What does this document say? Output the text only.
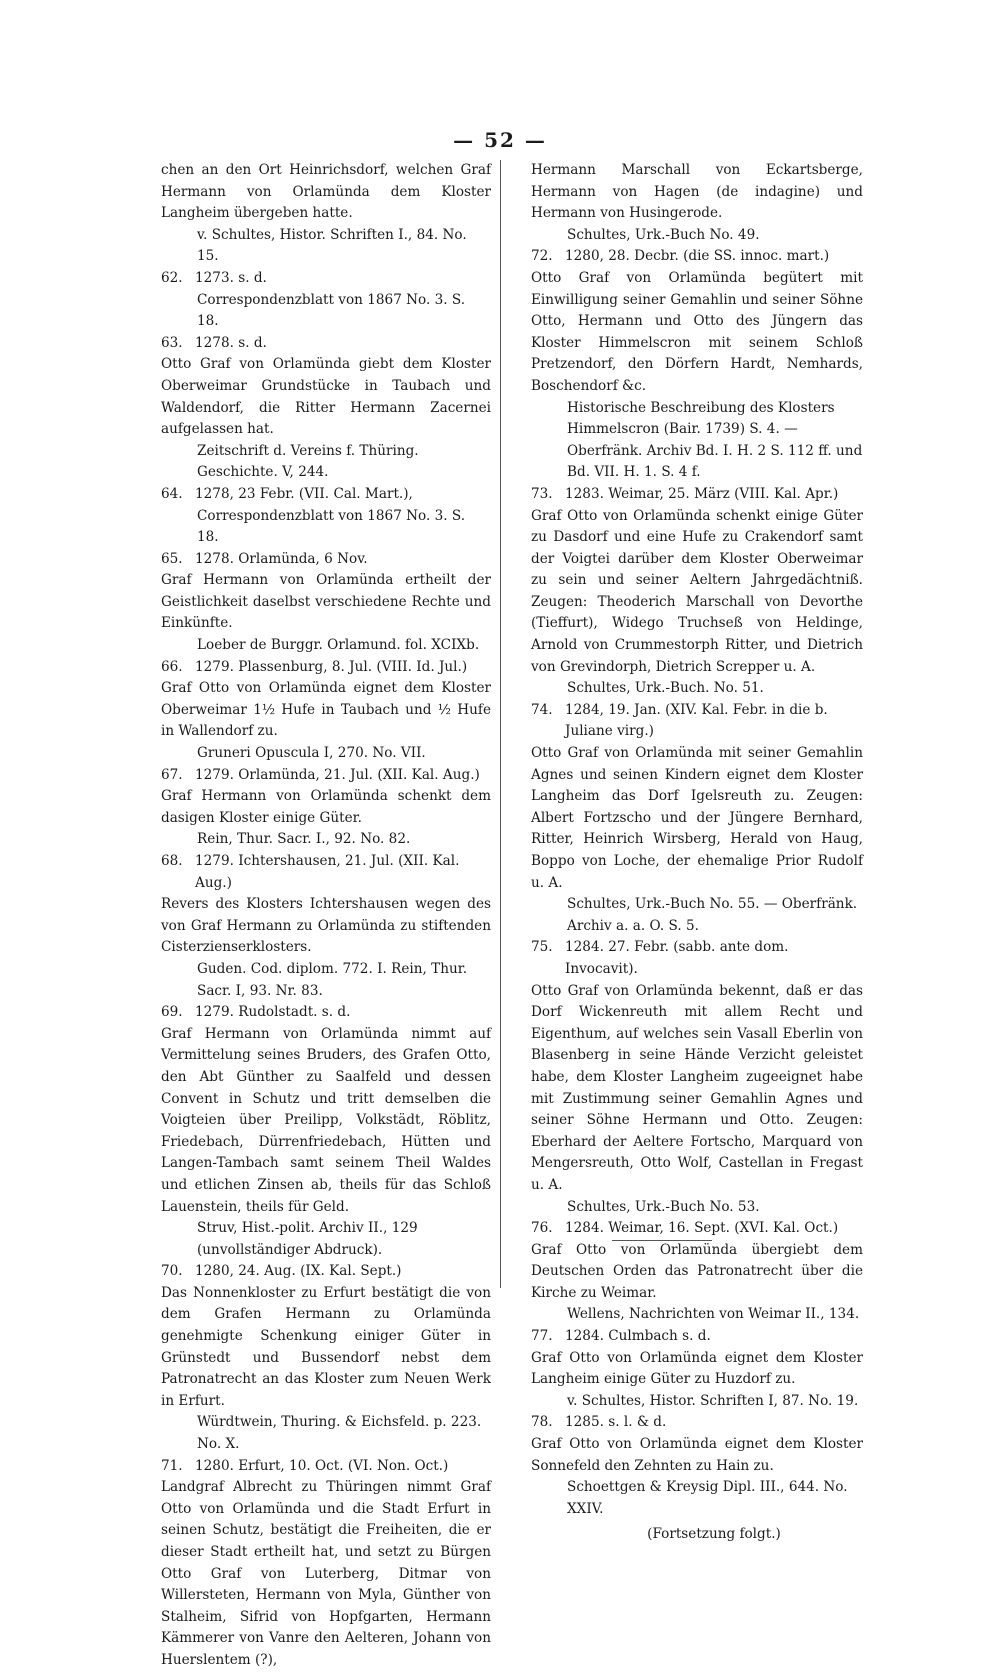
— 52 —

chen an den Ort Heinrichsdorf, welchen Graf Hermann von Orlamünda dem Kloster Langheim übergeben hatte.

v. Schultes, Histor. Schriften I., 84. No. 15.

62. 1273. s. d.

Correspondenzblatt von 1867 No. 3. S. 18.

63. 1278. s. d.

Otto Graf von Orlamünda giebt dem Kloster Oberweimar Grundstücke in Taubach und Waldendorf, die Ritter Hermann Zacernei aufgelassen hat.

Zeitschrift d. Vereins f. Thüring. Geschichte. V, 244.

64. 1278, 23 Febr. (VII. Cal. Mart.),

Correspondenzblatt von 1867 No. 3. S. 18.

65. 1278. Orlamünda, 6 Nov.

Graf Hermann von Orlamünda ertheilt der Geistlichkeit daselbst verschiedene Rechte und Einkünfte.

Loeber de Burggr. Orlamund. fol. XCIXb.

66. 1279. Plassenburg, 8. Jul. (VIII. Id. Jul.)

Graf Otto von Orlamünda eignet dem Kloster Oberweimar 1½ Hufe in Taubach und ½ Hufe in Wallendorf zu.

Gruneri Opuscula I, 270. No. VII.

67. 1279. Orlamünda, 21. Jul. (XII. Kal. Aug.)

Graf Hermann von Orlamünda schenkt dem dasigen Kloster einige Güter.

Rein, Thur. Sacr. I., 92. No. 82.

68. 1279. Ichtershausen, 21. Jul. (XII. Kal. Aug.)

Revers des Klosters Ichtershausen wegen des von Graf Hermann zu Orlamünda zu stiftenden Cisterzienserklosters.

Guden. Cod. diplom. 772. I. Rein, Thur. Sacr. I, 93. Nr. 83.

69. 1279. Rudolstadt. s. d.

Graf Hermann von Orlamünda nimmt auf Vermittelung seines Bruders, des Grafen Otto, den Abt Günther zu Saalfeld und dessen Convent in Schutz und tritt demselben die Voigteien über Preilipp, Volkstädt, Röblitz, Friedebach, Dürrenfriedebach, Hütten und Langen-Tambach samt seinem Theil Waldes und etlichen Zinsen ab, theils für das Schloß Lauenstein, theils für Geld.

Struv, Hist.-polit. Archiv II., 129 (unvollständiger Abdruck).

70. 1280, 24. Aug. (IX. Kal. Sept.)

Das Nonnenkloster zu Erfurt bestätigt die von dem Grafen Hermann zu Orlamünda genehmigte Schenkung einiger Güter in Grünstedt und Bussendorf nebst dem Patronatrecht an das Kloster zum Neuen Werk in Erfurt.

Würdtwein, Thuring. & Eichsfeld. p. 223. No. X.

71. 1280. Erfurt, 10. Oct. (VI. Non. Oct.)

Landgraf Albrecht zu Thüringen nimmt Graf Otto von Orlamünda und die Stadt Erfurt in seinen Schutz, bestätigt die Freiheiten, die er dieser Stadt ertheilt hat, und setzt zu Bürgen Otto Graf von Luterberg, Ditmar von Willersteten, Hermann von Myla, Günther von Stalheim, Sifrid von Hopfgarten, Hermann Kämmerer von Vanre den Aelteren, Johann von Huerslentem (?),

Hermann Marschall von Eckartsberge, Hermann von Hagen (de indagine) und Hermann von Husingerode.

Schultes, Urk.-Buch No. 49.

72. 1280, 28. Decbr. (die SS. innoc. mart.)

Otto Graf von Orlamünda begütert mit Einwilligung seiner Gemahlin und seiner Söhne Otto, Hermann und Otto des Jüngern das Kloster Himmelscron mit seinem Schloß Pretzendorf, den Dörfern Hardt, Nemhards, Boschendorf &c.

Historische Beschreibung des Klosters Himmelscron (Bair. 1739) S. 4. — Oberfränk. Archiv Bd. I. H. 2 S. 112 ff. und Bd. VII. H. 1. S. 4 f.

73. 1283. Weimar, 25. März (VIII. Kal. Apr.)

Graf Otto von Orlamünda schenkt einige Güter zu Dasdorf und eine Hufe zu Crakendorf samt der Voigtei darüber dem Kloster Oberweimar zu sein und seiner Aeltern Jahrgedächtniß. Zeugen: Theoderich Marschall von Devorthe (Tieffurt), Widego Truchseß von Heldinge, Arnold von Crummestorph Ritter, und Dietrich von Grevindorph, Dietrich Screpper u. A.

Schultes, Urk.-Buch. No. 51.

74. 1284, 19. Jan. (XIV. Kal. Febr. in die b. Juliane virg.)

Otto Graf von Orlamünda mit seiner Gemahlin Agnes und seinen Kindern eignet dem Kloster Langheim das Dorf Igelsreuth zu. Zeugen: Albert Fortzscho und der Jüngere Bernhard, Ritter, Heinrich Wirsberg, Herald von Haug, Boppo von Loche, der ehemalige Prior Rudolf u. A.

Schultes, Urk.-Buch No. 55. — Oberfränk. Archiv a. a. O. S. 5.

75. 1284. 27. Febr. (sabb. ante dom. Invocavit).

Otto Graf von Orlamünda bekennt, daß er das Dorf Wickenreuth mit allem Recht und Eigenthum, auf welches sein Vasall Eberlin von Blasenberg in seine Hände Verzicht geleistet habe, dem Kloster Langheim zugeeignet habe mit Zustimmung seiner Gemahlin Agnes und seiner Söhne Hermann und Otto. Zeugen: Eberhard der Aeltere Fortscho, Marquard von Mengersreuth, Otto Wolf, Castellan in Fregast u. A.

Schultes, Urk.-Buch No. 53.

76. 1284. Weimar, 16. Sept. (XVI. Kal. Oct.)

Graf Otto von Orlamünda übergiebt dem Deutschen Orden das Patronatrecht über die Kirche zu Weimar.

Wellens, Nachrichten von Weimar II., 134.

77. 1284. Culmbach s. d.

Graf Otto von Orlamünda eignet dem Kloster Langheim einige Güter zu Huzdorf zu.

v. Schultes, Histor. Schriften I, 87. No. 19.

78. 1285. s. l. & d.

Graf Otto von Orlamünda eignet dem Kloster Sonnefeld den Zehnten zu Hain zu.

Schoettgen & Kreysig Dipl. III., 644. No. XXIV.

(Fortsetzung folgt.)
